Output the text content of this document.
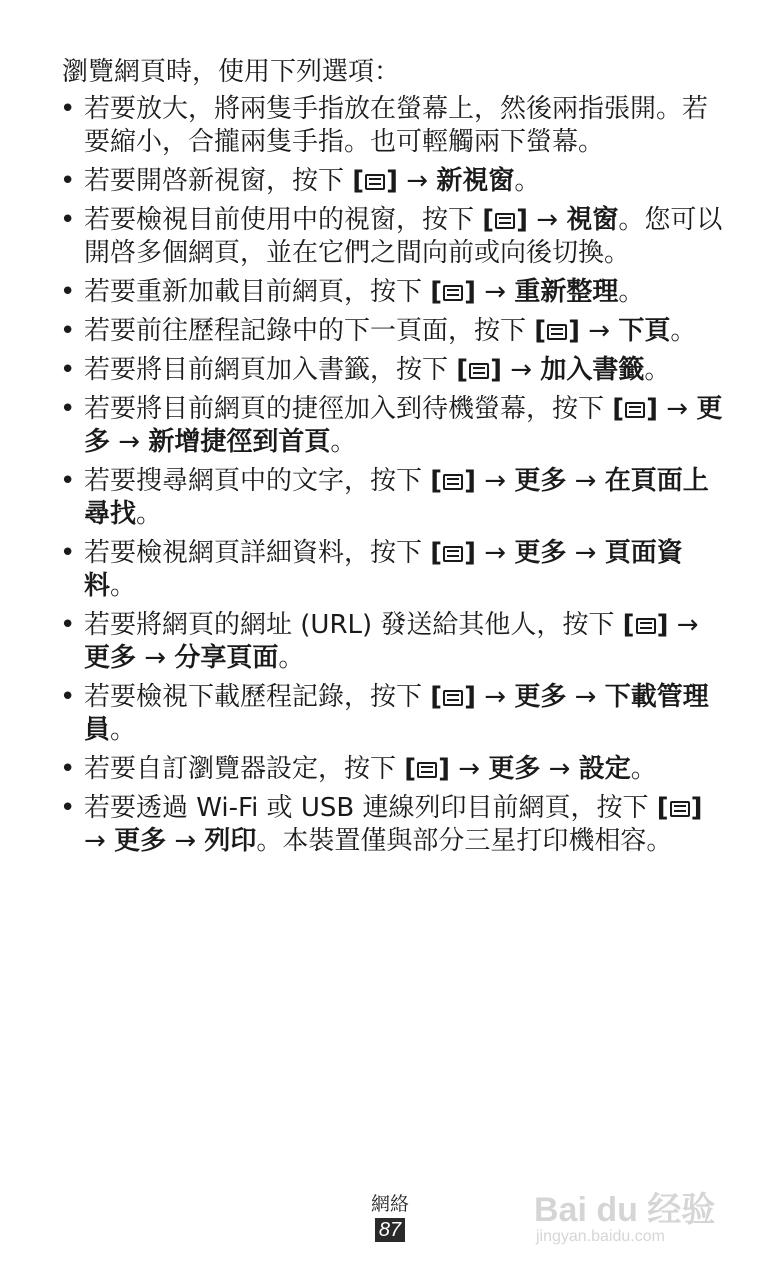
瀏覽網頁時，使用下列選項：
• 若要放大，將兩隻手指放在螢幕上，然後兩指張開。若要縮小，合攏兩隻手指。也可輕觸兩下螢幕。
• 若要開啓新視窗，按下 [ ] → 新視窗。
• 若要檢視目前使用中的視窗，按下 [ ] → 視窗。您可以開啓多個網頁，並在它們之間向前或向後切換。
• 若要重新加載目前網頁，按下 [ ] → 重新整理。
• 若要前往歷程記錄中的下一頁面，按下 [ ] → 下頁。
• 若要將目前網頁加入書籤，按下 [ ] → 加入書籤。
• 若要將目前網頁的捷徑加入到待機螢幕，按下 [ ] → 更多 → 新增捷徑到首頁。
• 若要搜尋網頁中的文字，按下 [ ] → 更多 → 在頁面上尋找。
• 若要檢視網頁詳細資料，按下 [ ] → 更多 → 頁面資料。
• 若要將網頁的網址 (URL) 發送給其他人，按下 [ ] → 更多 → 分享頁面。
• 若要檢視下載歷程記錄，按下 [ ] → 更多 → 下載管理員。
• 若要自訂瀏覽器設定，按下 [ ] → 更多 → 設定。
• 若要透過 Wi-Fi 或 USB 連線列印目前網頁，按下 [ ] → 更多 → 列印。本裝置僅與部分三星打印機相容。
網絡
87
Bai du 经验
jingyan.baidu.com
